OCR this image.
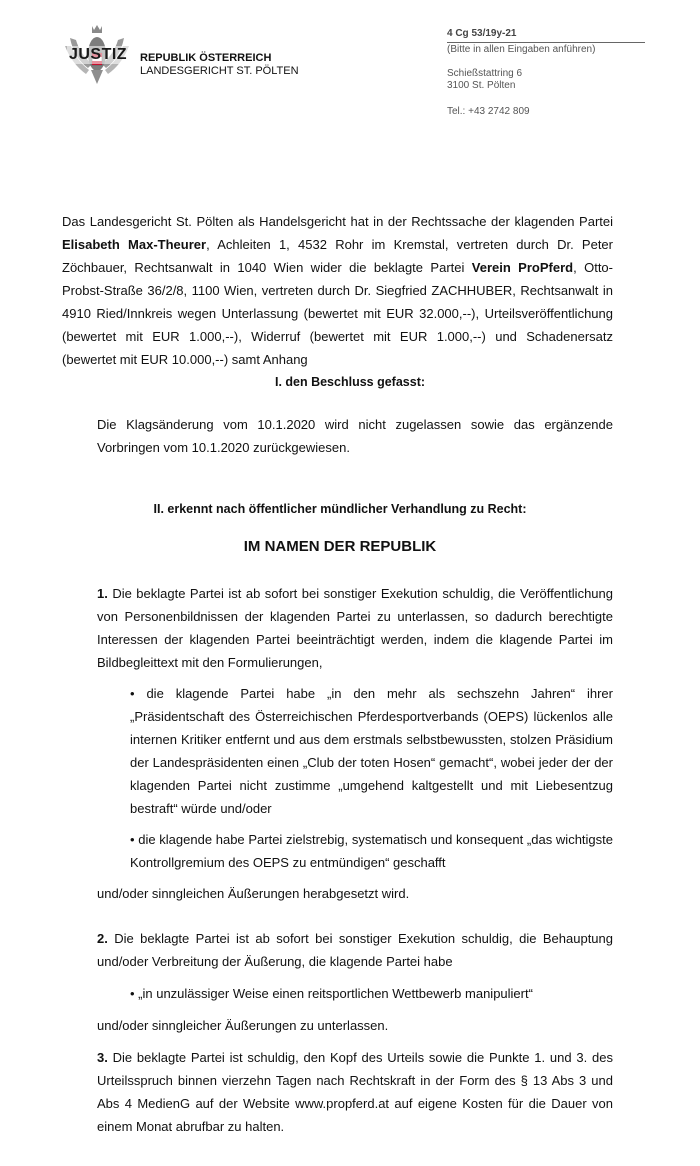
JUSTIZ REPUBLIK ÖSTERREICH
LANDESGERICHT ST. PÖLTEN
4 Cg 53/19y-21
(Bitte in allen Eingaben anführen)
Schießstattring 6
3100 St. Pölten
Tel.: +43 2742 809
Das Landesgericht St. Pölten als Handelsgericht hat in der Rechtssache der klagenden Partei Elisabeth Max-Theurer, Achleiten 1, 4532 Rohr im Kremstal, vertreten durch Dr. Peter Zöchbauer, Rechtsanwalt in 1040 Wien wider die beklagte Partei Verein ProPferd, Otto-Probst-Straße 36/2/8, 1100 Wien, vertreten durch Dr. Siegfried ZACHHUBER, Rechtsanwalt in 4910 Ried/Innkreis wegen Unterlassung (bewertet mit EUR 32.000,--), Urteilsveröffentlichung (bewertet mit EUR 1.000,--), Widerruf (bewertet mit EUR 1.000,--) und Schadenersatz (bewertet mit EUR 10.000,--) samt Anhang
I. den Beschluss gefasst:
Die Klagsänderung vom 10.1.2020 wird nicht zugelassen sowie das ergänzende Vorbringen vom 10.1.2020 zurückgewiesen.
II. erkennt nach öffentlicher mündlicher Verhandlung zu Recht:
IM NAMEN DER REPUBLIK
1. Die beklagte Partei ist ab sofort bei sonstiger Exekution schuldig, die Veröffentlichung von Personenbildnissen der klagenden Partei zu unterlassen, so dadurch berechtigte Interessen der klagenden Partei beeinträchtigt werden, indem die klagende Partei im Bildbegleittext mit den Formulierungen,
• die klagende Partei habe „in den mehr als sechszehn Jahren“ ihrer „Präsidentschaft des Österreichischen Pferdesportverbands (OEPS) lückenlos alle internen Kritiker entfernt und aus dem erstmals selbstbewussten, stolzen Präsidium der Landespräsidenten einen „Club der toten Hosen“ gemacht“, wobei jeder der der klagenden Partei nicht zustimme „umgehend kaltgestellt und mit Liebesentzug bestraft“ würde und/oder
• die klagende habe Partei zielstrebig, systematisch und konsequent „das wichtigste Kontrollgremium des OEPS zu entmündigen“ geschafft
und/oder sinngleichen Äußerungen herabgesetzt wird.
2. Die beklagte Partei ist ab sofort bei sonstiger Exekution schuldig, die Behauptung und/oder Verbreitung der Äußerung, die klagende Partei habe
• „in unzulässiger Weise einen reitsportlichen Wettbewerb manipuliert“
und/oder sinngleicher Äußerungen zu unterlassen.
3. Die beklagte Partei ist schuldig, den Kopf des Urteils sowie die Punkte 1. und 3. des Urteilsspruch binnen vierzehn Tagen nach Rechtskraft in der Form des § 13 Abs 3 und Abs 4 MedienG auf der Website www.propferd.at auf eigene Kosten für die Dauer von einem Monat abrufbar zu halten.
